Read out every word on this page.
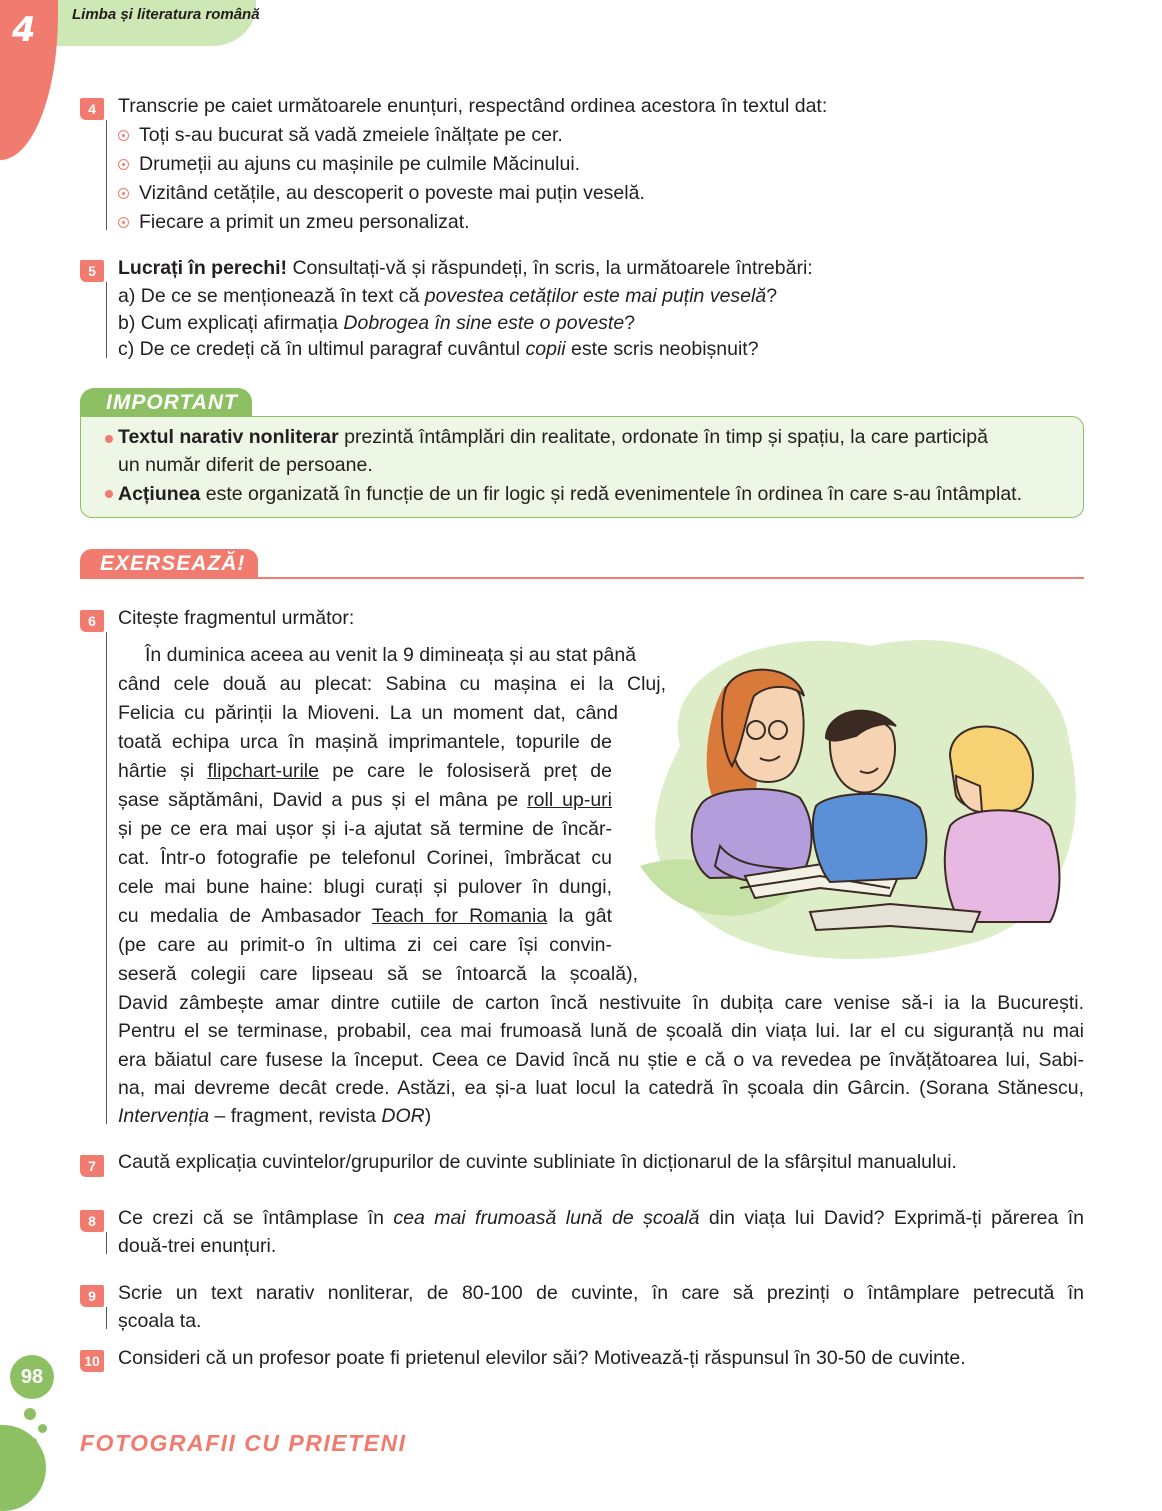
4 Limba și literatura română
4	Transcrie pe caiet următoarele enunțuri, respectând ordinea acestora în textul dat:
Toți s-au bucurat să vadă zmeiele înălțate pe cer.
Drumeții au ajuns cu mașinile pe culmile Măcinului.
Vizitând cetățile, au descoperit o poveste mai puțin veselă.
Fiecare a primit un zmeu personalizat.
5	Lucrați în perechi! Consultați-vă și răspundeți, în scris, la următoarele întrebări:
a) De ce se menționează în text că povestea cetăților este mai puțin veselă?
b) Cum explicați afirmația Dobrogea în sine este o poveste?
c) De ce credeți că în ultimul paragraf cuvântul copii este scris neobișnuit?
IMPORTANT
Textul narativ nonliterar prezintă întâmplări din realitate, ordonate în timp și spațiu, la care participă
un număr diferit de persoane.
Acțiunea este organizată în funcție de un fir logic și redă evenimentele în ordinea în care s-au întâmplat.
EXERSEAZĂ!
6	Citește fragmentul următor:
În duminica aceea au venit la 9 dimineața și au stat până
când cele două au plecat: Sabina cu mașina ei la Cluj,
Felicia cu părinții la Mioveni. La un moment dat, când
toată echipa urca în mașină imprimantele, topurile de
hârtie și flipchart-urile pe care le folosiseră preț de
șase săptămâni, David a pus și el mâna pe roll up-uri
și pe ce era mai ușor și i-a ajutat să termine de încăr-
cat. Într-o fotografie pe telefonul Corinei, îmbrăcat cu
cele mai bune haine: blugi curați și pulover în dungi,
cu medalia de Ambasador Teach for Romania la gât
(pe care au primit-o în ultima zi cei care își convin-
seseră colegii care lipseau să se întoarcă la școală),
David zâmbește amar dintre cutiile de carton încă nestivuite în dubița care venise să-i ia la București.
Pentru el se terminase, probabil, cea mai frumoasă lună de școală din viața lui. Iar el cu siguranță nu mai
era băiatul care fusese la început. Ceea ce David încă nu știe e că o va revedea pe învățătoarea lui, Sabi-
na, mai devreme decât crede. Astăzi, ea și-a luat locul la catedră în școala din Gârcin. (Sorana Stănescu,
Intervenția – fragment, revista DOR)
7	Caută explicația cuvintelor/grupurilor de cuvinte subliniate în dicționarul de la sfârșitul manualului.
8	Ce crezi că se întâmplase în cea mai frumoasă lună de școală din viața lui David? Exprimă-ți părerea în
două-trei enunțuri.
9	Scrie un text narativ nonliterar, de 80-100 de cuvinte, în care să prezinți o întâmplare petrecută în
școala ta.
10 Consideri că un profesor poate fi prietenul elevilor săi? Motivează-ți răspunsul în 30-50 de cuvinte.
98
FOTOGRAFII CU PRIETENI
